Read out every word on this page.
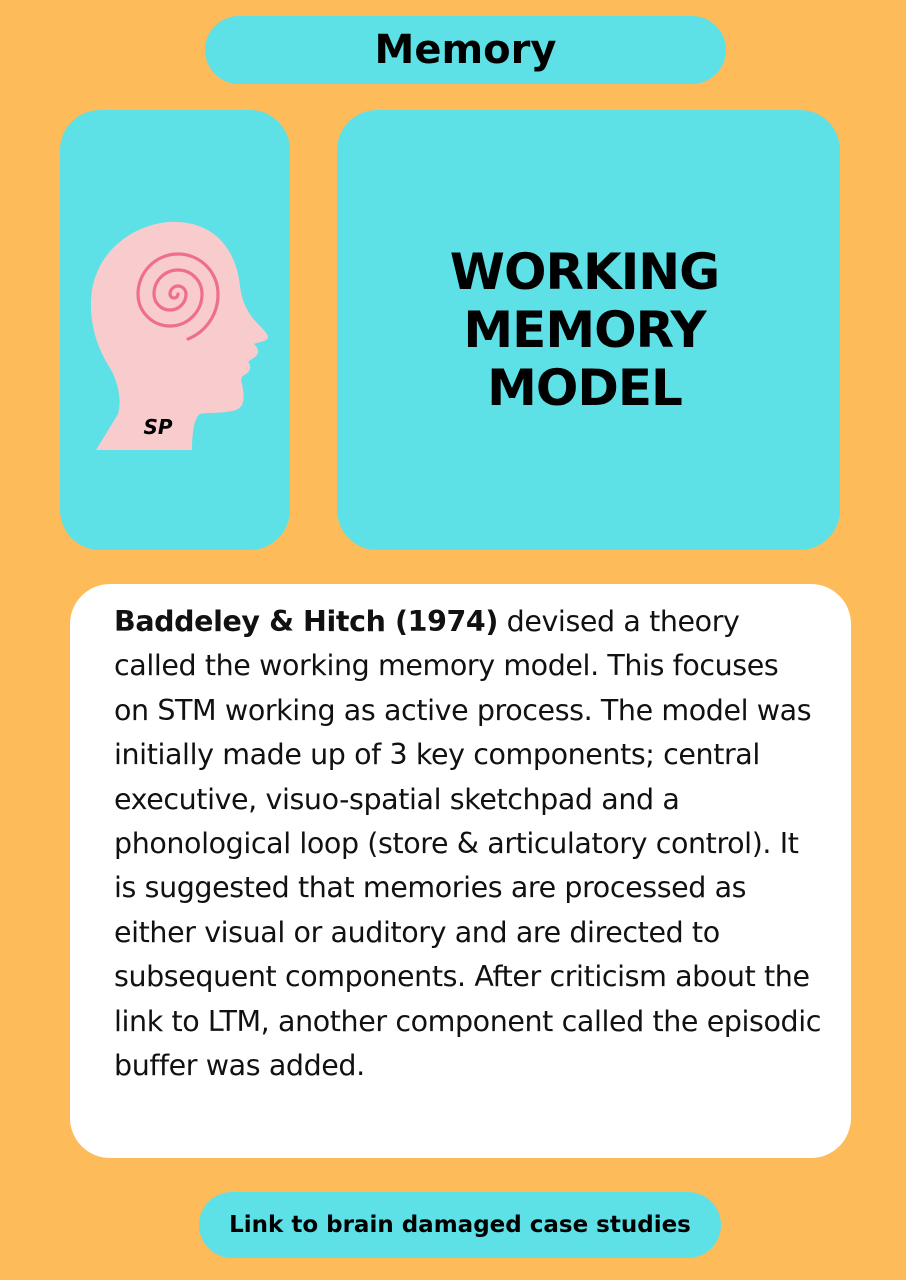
Memory
SP
WORKING
MEMORY
MODEL

Baddeley & Hitch (1974) devised a theory called the working memory model. This focuses on STM working as active process. The model was initially made up of 3 key components; central executive, visuo-spatial sketchpad and a phonological loop (store & articulatory control). It is suggested that memories are processed as either visual or auditory and are directed to subsequent components. After criticism about the link to LTM, another component called the episodic buffer was added.

Link to brain damaged case studies
